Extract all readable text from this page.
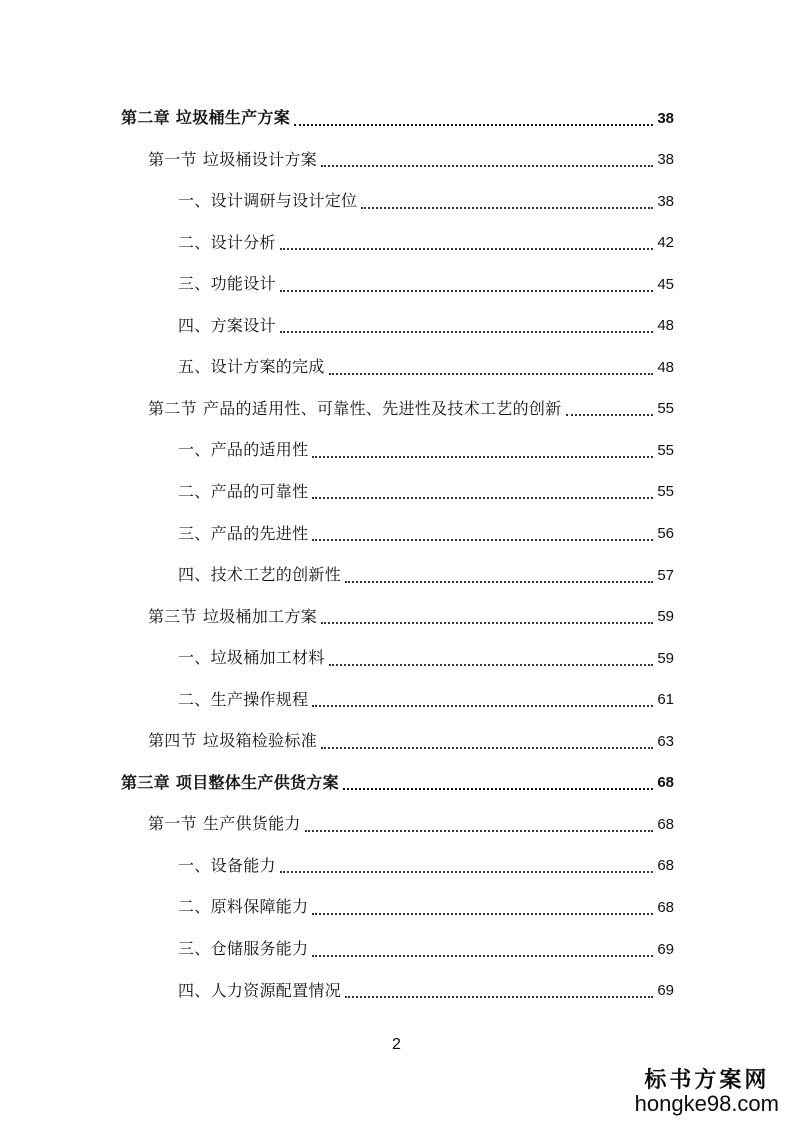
第二章 垃圾桶生产方案	38
第一节 垃圾桶设计方案	38
一、设计调研与设计定位	38
二、设计分析	42
三、功能设计	45
四、方案设计	48
五、设计方案的完成	48
第二节 产品的适用性、可靠性、先进性及技术工艺的创新	55
一、产品的适用性	55
二、产品的可靠性	55
三、产品的先进性	56
四、技术工艺的创新性	57
第三节 垃圾桶加工方案	59
一、垃圾桶加工材料	59
二、生产操作规程	61
第四节 垃圾箱检验标准	63
第三章 项目整体生产供货方案	68
第一节 生产供货能力	68
一、设备能力	68
二、原料保障能力	68
三、仓储服务能力	69
四、人力资源配置情况	69
2
标书方案网
hongke98.com
